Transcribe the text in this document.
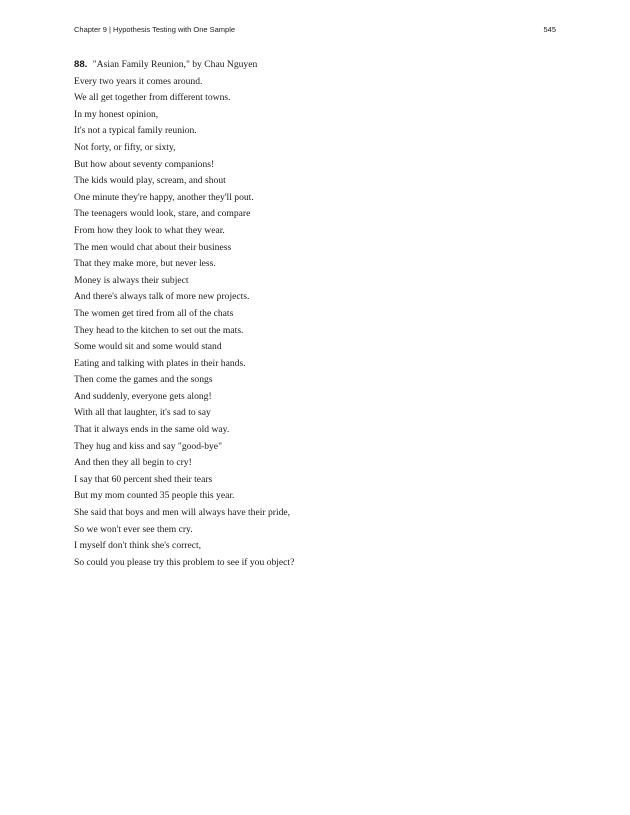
Chapter 9 | Hypothesis Testing with One Sample	545
88. "Asian Family Reunion," by Chau Nguyen
Every two years it comes around.
We all get together from different towns.
In my honest opinion,
It's not a typical family reunion.
Not forty, or fifty, or sixty,
But how about seventy companions!
The kids would play, scream, and shout
One minute they're happy, another they'll pout.
The teenagers would look, stare, and compare
From how they look to what they wear.
The men would chat about their business
That they make more, but never less.
Money is always their subject
And there's always talk of more new projects.
The women get tired from all of the chats
They head to the kitchen to set out the mats.
Some would sit and some would stand
Eating and talking with plates in their hands.
Then come the games and the songs
And suddenly, everyone gets along!
With all that laughter, it's sad to say
That it always ends in the same old way.
They hug and kiss and say "good-bye"
And then they all begin to cry!
I say that 60 percent shed their tears
But my mom counted 35 people this year.
She said that boys and men will always have their pride,
So we won't ever see them cry.
I myself don't think she's correct,
So could you please try this problem to see if you object?
